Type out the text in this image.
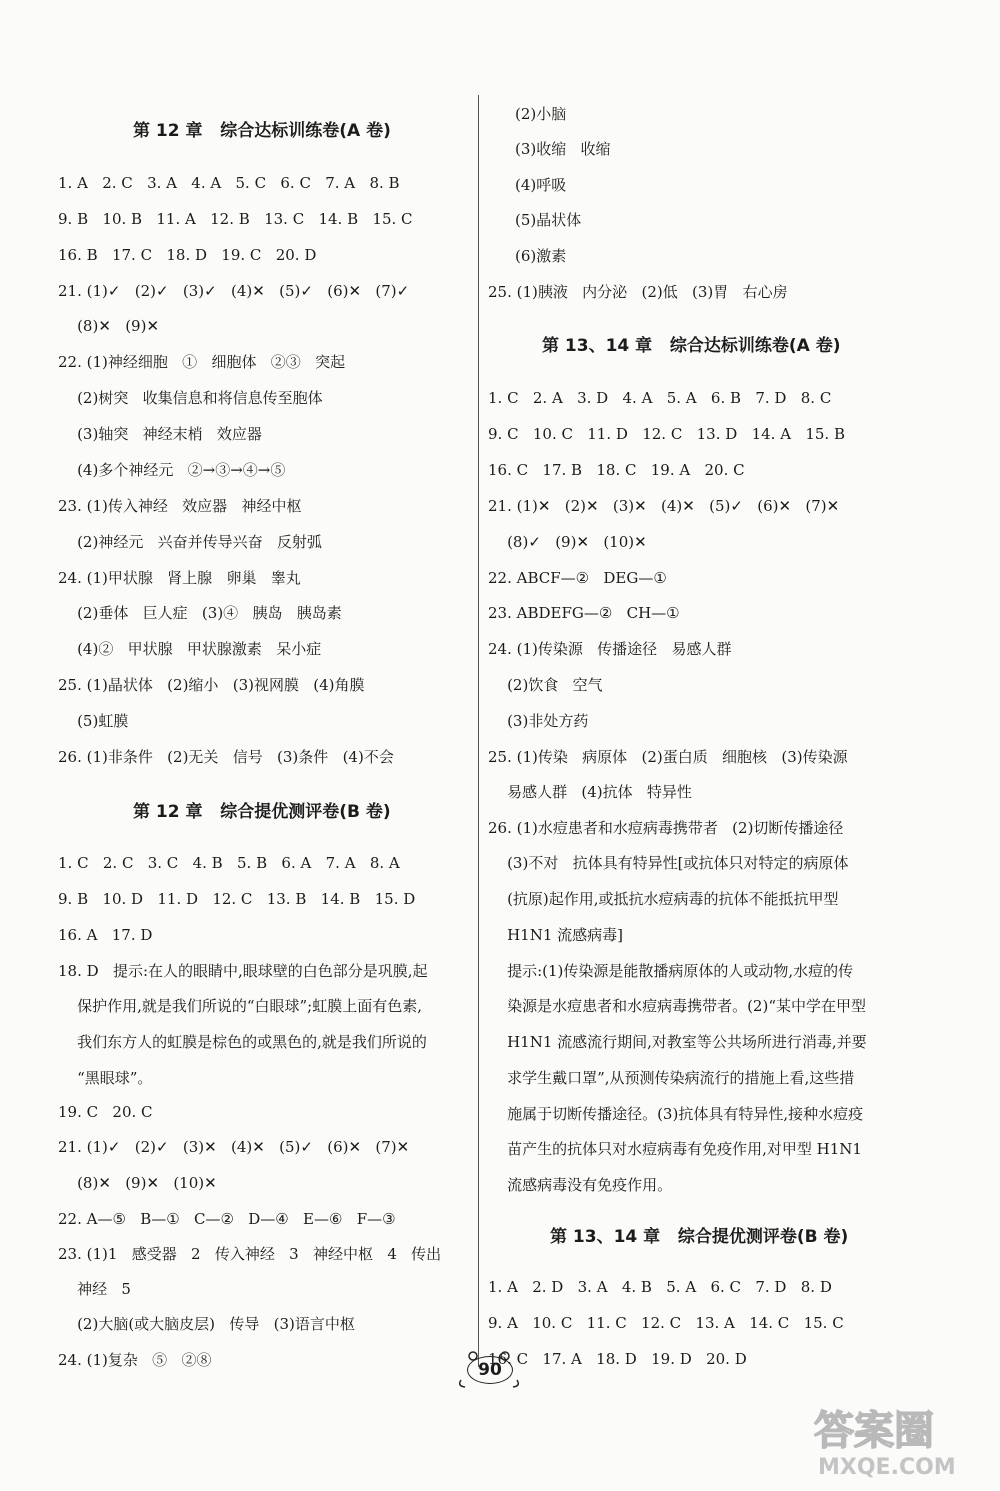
第 12 章   综合达标训练卷(A 卷)
1. A   2. C   3. A   4. A   5. C   6. C   7. A   8. B
9. B   10. B   11. A   12. B   13. C   14. B   15. C
16. B   17. C   18. D   19. C   20. D
21. (1)✓   (2)✓   (3)✓   (4)✕   (5)✓   (6)✕   (7)✓
(8)✕   (9)✕
22. (1)神经细胞   ①   细胞体   ②③   突起
(2)树突   收集信息和将信息传至胞体
(3)轴突   神经末梢   效应器
(4)多个神经元   ②→③→④→⑤
23. (1)传入神经   效应器   神经中枢
(2)神经元   兴奋并传导兴奋   反射弧
24. (1)甲状腺   肾上腺   卵巢   睾丸
(2)垂体   巨人症   (3)④   胰岛   胰岛素
(4)②   甲状腺   甲状腺激素   呆小症
25. (1)晶状体   (2)缩小   (3)视网膜   (4)角膜
(5)虹膜
26. (1)非条件   (2)无关   信号   (3)条件   (4)不会
第 12 章   综合提优测评卷(B 卷)
1. C   2. C   3. C   4. B   5. B   6. A   7. A   8. A
9. B   10. D   11. D   12. C   13. B   14. B   15. D
16. A   17. D
18. D   提示:在人的眼睛中,眼球壁的白色部分是巩膜,起
保护作用,就是我们所说的“白眼球”;虹膜上面有色素,
我们东方人的虹膜是棕色的或黑色的,就是我们所说的
“黑眼球”。
19. C   20. C
21. (1)✓   (2)✓   (3)✕   (4)✕   (5)✓   (6)✕   (7)✕
(8)✕   (9)✕   (10)✕
22. A—⑤   B—①   C—②   D—④   E—⑥   F—③
23. (1)1   感受器   2   传入神经   3   神经中枢   4   传出
神经   5
(2)大脑(或大脑皮层)   传导   (3)语言中枢
24. (1)复杂   ⑤   ②⑧
(2)小脑
(3)收缩   收缩
(4)呼吸
(5)晶状体
(6)激素
25. (1)胰液   内分泌   (2)低   (3)胃   右心房
第 13、14 章   综合达标训练卷(A 卷)
1. C   2. A   3. D   4. A   5. A   6. B   7. D   8. C
9. C   10. C   11. D   12. C   13. D   14. A   15. B
16. C   17. B   18. C   19. A   20. C
21. (1)✕   (2)✕   (3)✕   (4)✕   (5)✓   (6)✕   (7)✕
(8)✓   (9)✕   (10)✕
22. ABCF—②   DEG—①
23. ABDEFG—②   CH—①
24. (1)传染源   传播途径   易感人群
(2)饮食   空气
(3)非处方药
25. (1)传染   病原体   (2)蛋白质   细胞核   (3)传染源
易感人群   (4)抗体   特异性
26. (1)水痘患者和水痘病毒携带者   (2)切断传播途径
(3)不对   抗体具有特异性[或抗体只对特定的病原体
(抗原)起作用,或抵抗水痘病毒的抗体不能抵抗甲型
H1N1 流感病毒]
提示:(1)传染源是能散播病原体的人或动物,水痘的传
染源是水痘患者和水痘病毒携带者。(2)“某中学在甲型
H1N1 流感流行期间,对教室等公共场所进行消毒,并要
求学生戴口罩”,从预测传染病流行的措施上看,这些措
施属于切断传播途径。(3)抗体具有特异性,接种水痘疫
苗产生的抗体只对水痘病毒有免疫作用,对甲型 H1N1
流感病毒没有免疫作用。
第 13、14 章   综合提优测评卷(B 卷)
1. A   2. D   3. A   4. B   5. A   6. C   7. D   8. D
9. A   10. C   11. C   12. C   13. A   14. C   15. C
16. C   17. A   18. D   19. D   20. D
90
答案圈
MXQE.COM
